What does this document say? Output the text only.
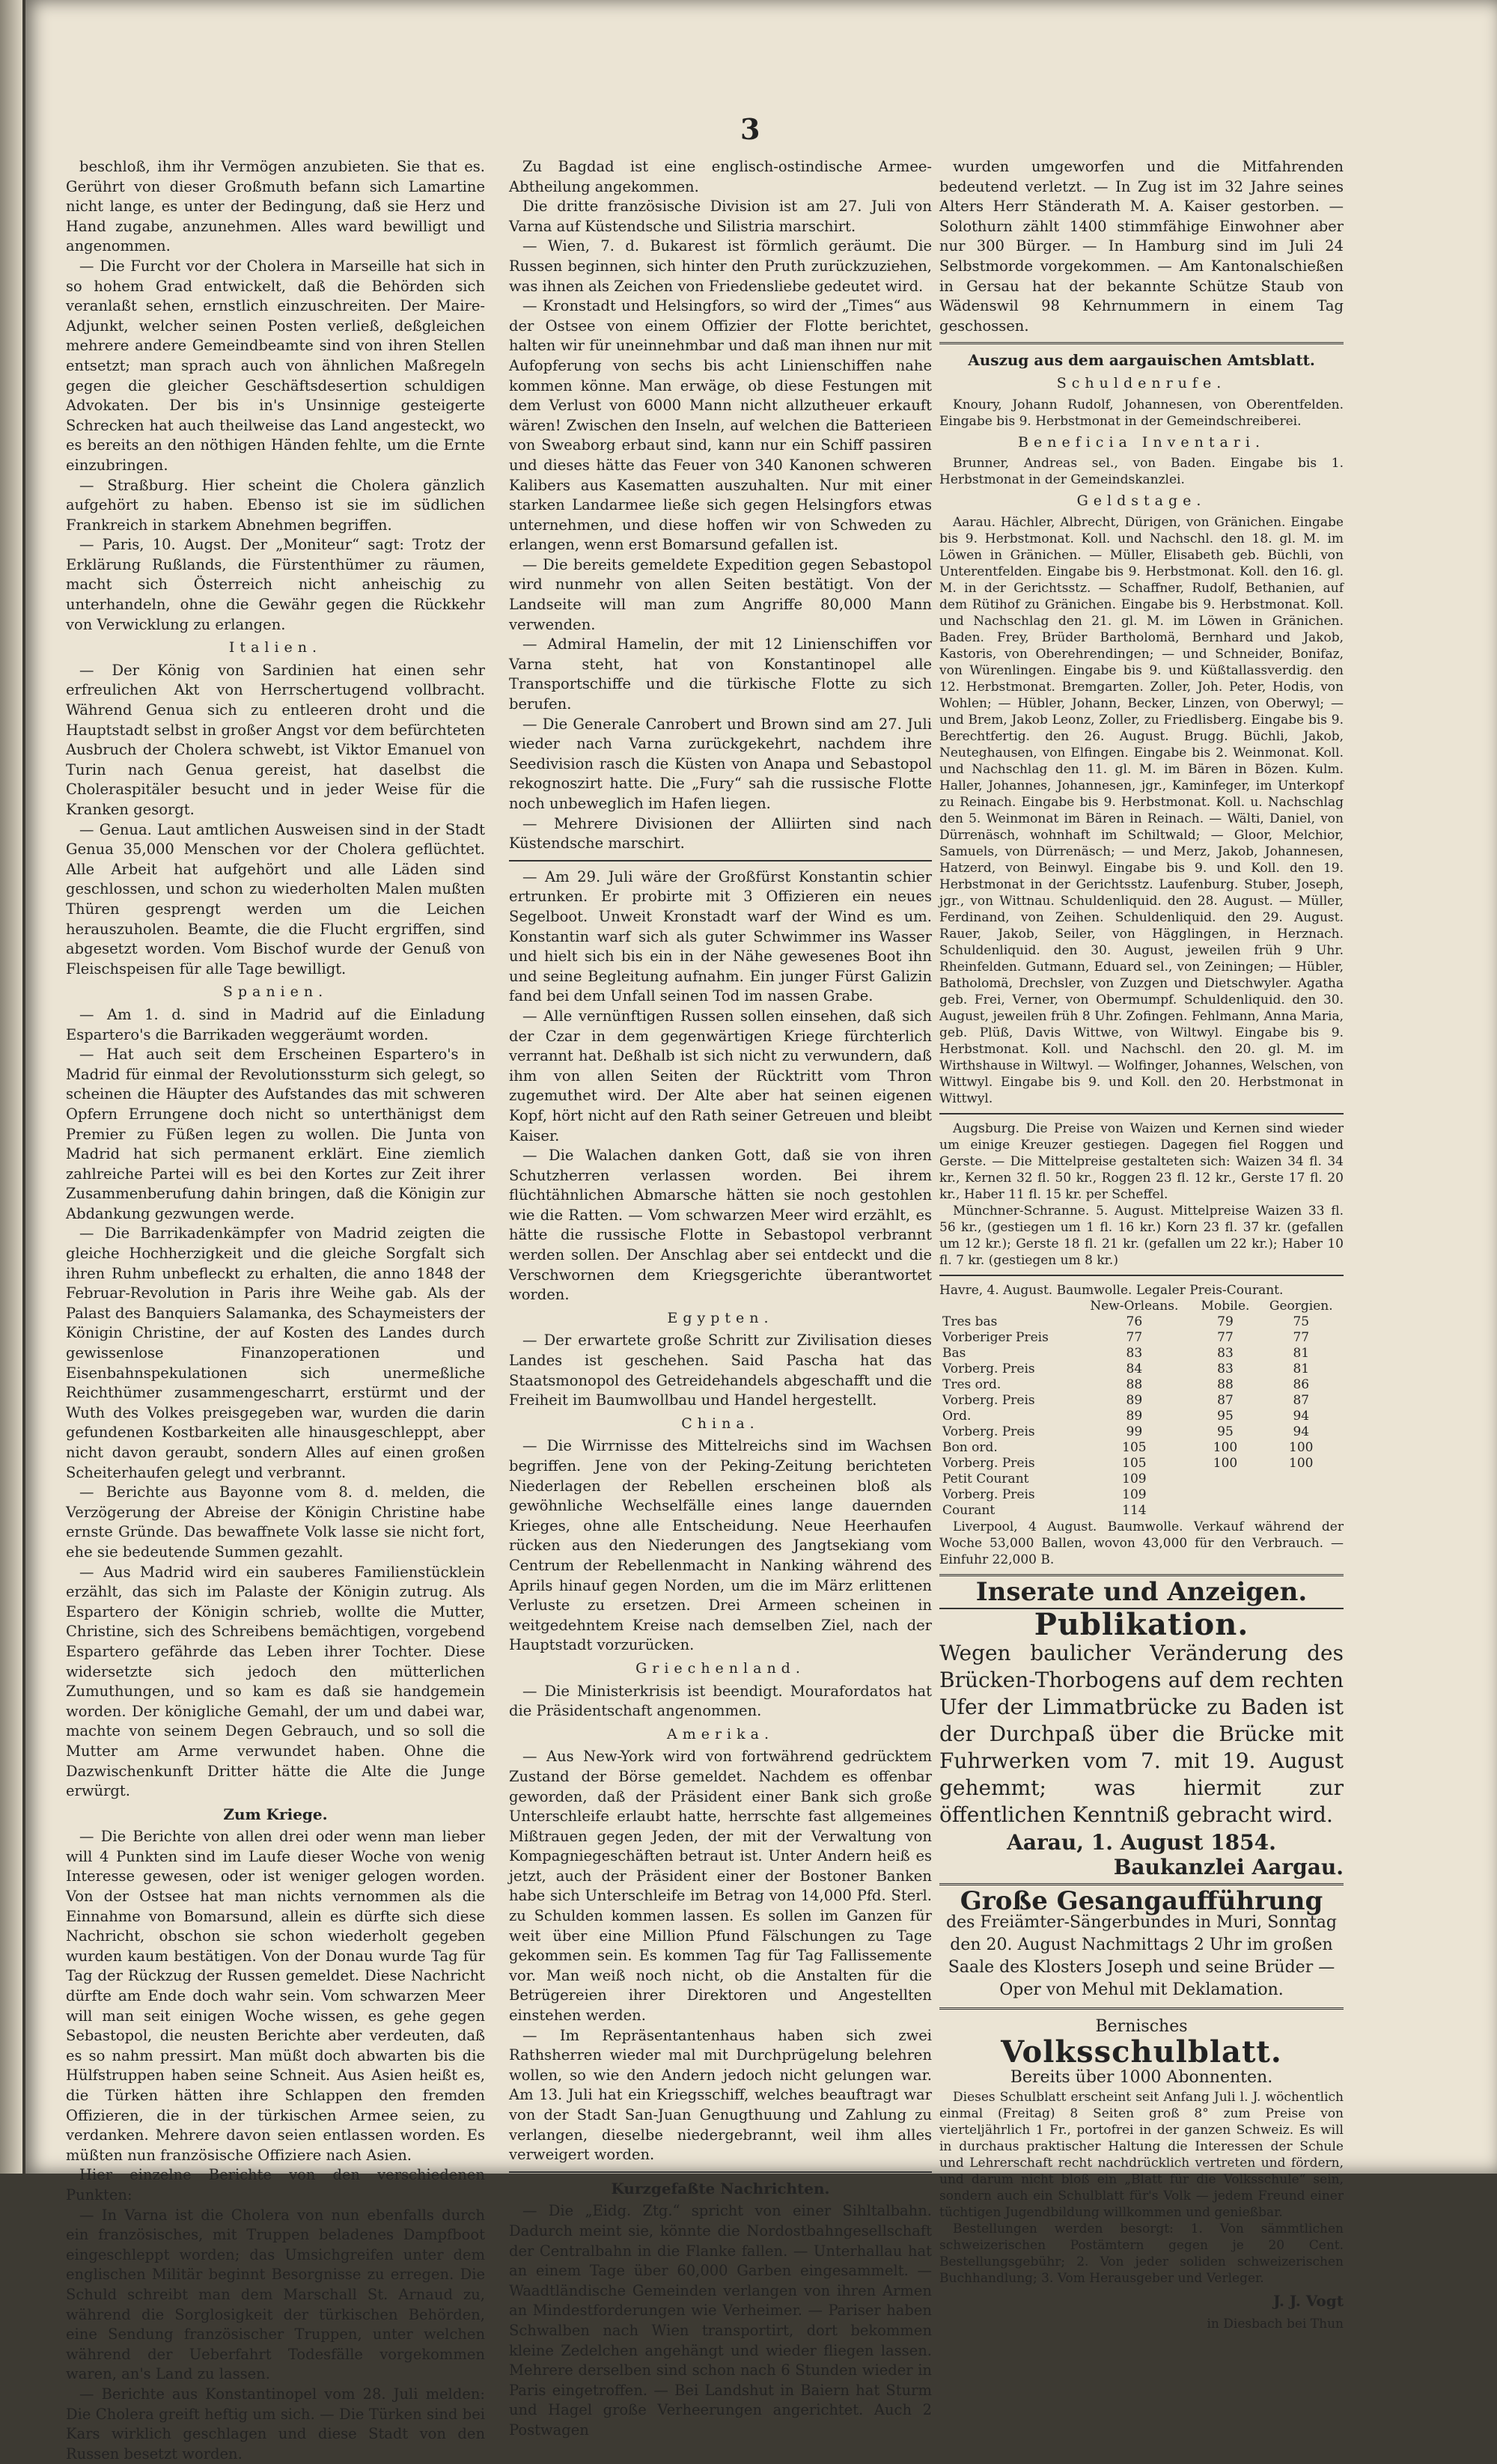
3

beschloß, ihm ihr Vermögen anzubieten. Sie that es. Gerührt von dieser Großmuth befann sich Lamartine nicht lange, es unter der Bedingung, daß sie Herz und Hand zugabe, anzunehmen. Alles ward bewilligt und angenommen.

— Die Furcht vor der Cholera in Marseille hat sich in so hohem Grad entwickelt, daß die Behörden sich veranlaßt sehen, ernstlich einzuschreiten. Der Maire-Adjunkt, welcher seinen Posten verließ, deßgleichen mehrere andere Gemeindbeamte sind von ihren Stellen entsetzt; man sprach auch von ähnlichen Maßregeln gegen die gleicher Geschäftsdesertion schuldigen Advokaten. Der bis in's Unsinnige gesteigerte Schrecken hat auch theilweise das Land angesteckt, wo es bereits an den nöthigen Händen fehlte, um die Ernte einzubringen.

— Straßburg. Hier scheint die Cholera gänzlich aufgehört zu haben. Ebenso ist sie im südlichen Frankreich in starkem Abnehmen begriffen.

— Paris, 10. Augst. Der „Moniteur“ sagt: Trotz der Erklärung Rußlands, die Fürstenthümer zu räumen, macht sich Österreich nicht anheischig zu unterhandeln, ohne die Gewähr gegen die Rückkehr von Verwicklung zu erlangen.

Italien.

— Der König von Sardinien hat einen sehr erfreulichen Akt von Herrschertugend vollbracht. Während Genua sich zu entleeren droht und die Hauptstadt selbst in großer Angst vor dem befürchteten Ausbruch der Cholera schwebt, ist Viktor Emanuel von Turin nach Genua gereist, hat daselbst die Choleraspitäler besucht und in jeder Weise für die Kranken gesorgt.

— Genua. Laut amtlichen Ausweisen sind in der Stadt Genua 35,000 Menschen vor der Cholera geflüchtet. Alle Arbeit hat aufgehört und alle Läden sind geschlossen, und schon zu wiederholten Malen mußten Thüren gesprengt werden um die Leichen herauszuholen. Beamte, die die Flucht ergriffen, sind abgesetzt worden. Vom Bischof wurde der Genuß von Fleischspeisen für alle Tage bewilligt.

Spanien.

— Am 1. d. sind in Madrid auf die Einladung Espartero's die Barrikaden weggeräumt worden.

— Hat auch seit dem Erscheinen Espartero's in Madrid für einmal der Revolutionssturm sich gelegt, so scheinen die Häupter des Aufstandes das mit schweren Opfern Errungene doch nicht so unterthänigst dem Premier zu Füßen legen zu wollen. Die Junta von Madrid hat sich permanent erklärt. Eine ziemlich zahlreiche Partei will es bei den Kortes zur Zeit ihrer Zusammenberufung dahin bringen, daß die Königin zur Abdankung gezwungen werde.

— Die Barrikadenkämpfer von Madrid zeigten die gleiche Hochherzigkeit und die gleiche Sorgfalt sich ihren Ruhm unbefleckt zu erhalten, die anno 1848 der Februar-Revolution in Paris ihre Weihe gab. Als der Palast des Banquiers Salamanka, des Schaymeisters der Königin Christine, der auf Kosten des Landes durch gewissenlose Finanzoperationen und Eisenbahnspekulationen sich unermeßliche Reichthümer zusammengescharrt, erstürmt und der Wuth des Volkes preisgegeben war, wurden die darin gefundenen Kostbarkeiten alle hinausgeschleppt, aber nicht davon geraubt, sondern Alles auf einen großen Scheiterhaufen gelegt und verbrannt.

— Berichte aus Bayonne vom 8. d. melden, die Verzögerung der Abreise der Königin Christine habe ernste Gründe. Das bewaffnete Volk lasse sie nicht fort, ehe sie bedeutende Summen gezahlt.

— Aus Madrid wird ein sauberes Familienstücklein erzählt, das sich im Palaste der Königin zutrug. Als Espartero der Königin schrieb, wollte die Mutter, Christine, sich des Schreibens bemächtigen, vorgebend Espartero gefährde das Leben ihrer Tochter. Diese widersetzte sich jedoch den mütterlichen Zumuthungen, und so kam es daß sie handgemein worden. Der königliche Gemahl, der um und dabei war, machte von seinem Degen Gebrauch, und so soll die Mutter am Arme verwundet haben. Ohne die Dazwischenkunft Dritter hätte die Alte die Junge erwürgt.

Zum Kriege.

— Die Berichte von allen drei oder wenn man lieber will 4 Punkten sind im Laufe dieser Woche von wenig Interesse gewesen, oder ist weniger gelogen worden. Von der Ostsee hat man nichts vernommen als die Einnahme von Bomarsund, allein es dürfte sich diese Nachricht, obschon sie schon wiederholt gegeben wurden kaum bestätigen. Von der Donau wurde Tag für Tag der Rückzug der Russen gemeldet. Diese Nachricht dürfte am Ende doch wahr sein. Vom schwarzen Meer will man seit einigen Woche wissen, es gehe gegen Sebastopol, die neusten Berichte aber verdeuten, daß es so nahm pressirt. Man müßt doch abwarten bis die Hülfstruppen haben seine Schneit. Aus Asien heißt es, die Türken hätten ihre Schlappen den fremden Offizieren, die in der türkischen Armee seien, zu verdanken. Mehrere davon seien entlassen worden. Es müßten nun französische Offiziere nach Asien.

Hier einzelne Berichte von den verschiedenen Punkten:

— In Varna ist die Cholera von nun ebenfalls durch ein französisches, mit Truppen beladenes Dampfboot eingeschleppt worden; das Umsichgreifen unter dem englischen Militär beginnt Besorgnisse zu erregen. Die Schuld schreibt man dem Marschall St. Arnaud zu, während die Sorglosigkeit der türkischen Behörden, eine Sendung französischer Truppen, unter welchen während der Ueberfahrt Todesfälle vorgekommen waren, an's Land zu lassen.

— Berichte aus Konstantinopel vom 28. Juli melden: Die Cholera greift heftig um sich. — Die Türken sind bei Kars wirklich geschlagen und diese Stadt von den Russen besetzt worden.

Zu Bagdad ist eine englisch-ostindische Armee-Abtheilung angekommen.

Die dritte französische Division ist am 27. Juli von Varna auf Küstendsche und Silistria marschirt.

— Wien, 7. d. Bukarest ist förmlich geräumt. Die Russen beginnen, sich hinter den Pruth zurückzuziehen, was ihnen als Zeichen von Friedensliebe gedeutet wird.

— Kronstadt und Helsingfors, so wird der „Times“ aus der Ostsee von einem Offizier der Flotte berichtet, halten wir für uneinnehmbar und daß man ihnen nur mit Aufopferung von sechs bis acht Linienschiffen nahe kommen könne. Man erwäge, ob diese Festungen mit dem Verlust von 6000 Mann nicht allzutheuer erkauft wären! Zwischen den Inseln, auf welchen die Batterieen von Sweaborg erbaut sind, kann nur ein Schiff passiren und dieses hätte das Feuer von 340 Kanonen schweren Kalibers aus Kasematten auszuhalten. Nur mit einer starken Landarmee ließe sich gegen Helsingfors etwas unternehmen, und diese hoffen wir von Schweden zu erlangen, wenn erst Bomarsund gefallen ist.

— Die bereits gemeldete Expedition gegen Sebastopol wird nunmehr von allen Seiten bestätigt. Von der Landseite will man zum Angriffe 80,000 Mann verwenden.

— Admiral Hamelin, der mit 12 Linienschiffen vor Varna steht, hat von Konstantinopel alle Transportschiffe und die türkische Flotte zu sich berufen.

— Die Generale Canrobert und Brown sind am 27. Juli wieder nach Varna zurückgekehrt, nachdem ihre Seedivision rasch die Küsten von Anapa und Sebastopol rekognoszirt hatte. Die „Fury“ sah die russische Flotte noch unbeweglich im Hafen liegen.

— Mehrere Divisionen der Alliirten sind nach Küstendsche marschirt.

— Am 29. Juli wäre der Großfürst Konstantin schier ertrunken. Er probirte mit 3 Offizieren ein neues Segelboot. Unweit Kronstadt warf der Wind es um. Konstantin warf sich als guter Schwimmer ins Wasser und hielt sich bis ein in der Nähe gewesenes Boot ihn und seine Begleitung aufnahm. Ein junger Fürst Galizin fand bei dem Unfall seinen Tod im nassen Grabe.

— Alle vernünftigen Russen sollen einsehen, daß sich der Czar in dem gegenwärtigen Kriege fürchterlich verrannt hat. Deßhalb ist sich nicht zu verwundern, daß ihm von allen Seiten der Rücktritt vom Thron zugemuthet wird. Der Alte aber hat seinen eigenen Kopf, hört nicht auf den Rath seiner Getreuen und bleibt Kaiser.

— Die Walachen danken Gott, daß sie von ihren Schutzherren verlassen worden. Bei ihrem flüchtähnlichen Abmarsche hätten sie noch gestohlen wie die Ratten. — Vom schwarzen Meer wird erzählt, es hätte die russische Flotte in Sebastopol verbrannt werden sollen. Der Anschlag aber sei entdeckt und die Verschwornen dem Kriegsgerichte überantwortet worden.

Egypten.

— Der erwartete große Schritt zur Zivilisation dieses Landes ist geschehen. Said Pascha hat das Staatsmonopol des Getreidehandels abgeschafft und die Freiheit im Baumwollbau und Handel hergestellt.

China.

— Die Wirrnisse des Mittelreichs sind im Wachsen begriffen. Jene von der Peking-Zeitung berichteten Niederlagen der Rebellen erscheinen bloß als gewöhnliche Wechselfälle eines lange dauernden Krieges, ohne alle Entscheidung. Neue Heerhaufen rücken aus den Niederungen des Jangtsekiang vom Centrum der Rebellenmacht in Nanking während des Aprils hinauf gegen Norden, um die im März erlittenen Verluste zu ersetzen. Drei Armeen scheinen in weitgedehntem Kreise nach demselben Ziel, nach der Hauptstadt vorzurücken.

Griechenland.

— Die Ministerkrisis ist beendigt. Mourafordatos hat die Präsidentschaft angenommen.

Amerika.

— Aus New-York wird von fortwährend gedrücktem Zustand der Börse gemeldet. Nachdem es offenbar geworden, daß der Präsident einer Bank sich große Unterschleife erlaubt hatte, herrschte fast allgemeines Mißtrauen gegen Jeden, der mit der Verwaltung von Kompagniegeschäften betraut ist. Unter Andern heiß es jetzt, auch der Präsident einer der Bostoner Banken habe sich Unterschleife im Betrag von 14,000 Pfd. Sterl. zu Schulden kommen lassen. Es sollen im Ganzen für weit über eine Million Pfund Fälschungen zu Tage gekommen sein. Es kommen Tag für Tag Fallissemente vor. Man weiß noch nicht, ob die Anstalten für die Betrügereien ihrer Direktoren und Angestellten einstehen werden.

— Im Repräsentantenhaus haben sich zwei Rathsherren wieder mal mit Durchprügelung belehren wollen, so wie den Andern jedoch nicht gelungen war. Am 13. Juli hat ein Kriegsschiff, welches beauftragt war von der Stadt San-Juan Genugthuung und Zahlung zu verlangen, dieselbe niedergebrannt, weil ihm alles verweigert worden.

Kurzgefaßte Nachrichten.

— Die „Eidg. Ztg.“ spricht von einer Sihltalbahn. Dadurch meint sie, könnte die Nordostbahngesellschaft der Centralbahn in die Flanke fallen. — Unterhallau hat an einem Tage über 60,000 Garben eingesammelt. — Waadtländische Gemeinden verlangen von ihren Armen an Mindestforderungen wie Verheimer. — Pariser haben Schwalben nach Wien transportirt, dort bekommen kleine Zedelchen angehängt und wieder fliegen lassen. Mehrere derselben sind schon nach 6 Stunden wieder in Paris eingetroffen. — Bei Landshut in Baiern hat Sturm und Hagel große Verheerungen angerichtet. Auch 2 Postwagen

wurden umgeworfen und die Mitfahrenden bedeutend verletzt. — In Zug ist im 32 Jahre seines Alters Herr Ständerath M. A. Kaiser gestorben. — Solothurn zählt 1400 stimmfähige Einwohner aber nur 300 Bürger. — In Hamburg sind im Juli 24 Selbstmorde vorgekommen. — Am Kantonalschießen in Gersau hat der bekannte Schütze Staub von Wädenswil 98 Kehrnummern in einem Tag geschossen.

Auszug aus dem aargauischen Amtsblatt.
Schuldenrufe.

Knoury, Johann Rudolf, Johannesen, von Oberentfelden. Eingabe bis 9. Herbstmonat in der Gemeindschreiberei.

Beneficia Inventari.

Brunner, Andreas sel., von Baden. Eingabe bis 1. Herbstmonat in der Gemeindskanzlei.

Geldstage.

Aarau. Hächler, Albrecht, Dürigen, von Gränichen. Eingabe bis 9. Herbstmonat. Koll. und Nachschl. den 18. gl. M. im Löwen in Gränichen. — Müller, Elisabeth geb. Büchli, von Unterentfelden. Eingabe bis 9. Herbstmonat. Koll. den 16. gl. M. in der Gerichtsstz. — Schaffner, Rudolf, Bethanien, auf dem Rütihof zu Gränichen. Eingabe bis 9. Herbstmonat. Koll. und Nachschlag den 21. gl. M. im Löwen in Gränichen. Baden. Frey, Brüder Bartholomä, Bernhard und Jakob, Kastoris, von Oberehrendingen; — und Schneider, Bonifaz, von Würenlingen. Eingabe bis 9. und Küßtallassverdig. den 12. Herbstmonat. Bremgarten. Zoller, Joh. Peter, Hodis, von Wohlen; — Hübler, Johann, Becker, Linzen, von Oberwyl; — und Brem, Jakob Leonz, Zoller, zu Friedlisberg. Eingabe bis 9. Berechtfertig. den 26. August. Brugg. Büchli, Jakob, Neuteghausen, von Elfingen. Eingabe bis 2. Weinmonat. Koll. und Nachschlag den 11. gl. M. im Bären in Bözen. Kulm. Haller, Johannes, Johannesen, jgr., Kaminfeger, im Unterkopf zu Reinach. Eingabe bis 9. Herbstmonat. Koll. u. Nachschlag den 5. Weinmonat im Bären in Reinach. — Wälti, Daniel, von Dürrenäsch, wohnhaft im Schiltwald; — Gloor, Melchior, Samuels, von Dürrenäsch; — und Merz, Jakob, Johannesen, Hatzerd, von Beinwyl. Eingabe bis 9. und Koll. den 19. Herbstmonat in der Gerichtsstz. Laufenburg. Stuber, Joseph, jgr., von Wittnau. Schuldenliquid. den 28. August. — Müller, Ferdinand, von Zeihen. Schuldenliquid. den 29. August. Rauer, Jakob, Seiler, von Hägglingen, in Herznach. Schuldenliquid. den 30. August, jeweilen früh 9 Uhr. Rheinfelden. Gutmann, Eduard sel., von Zeiningen; — Hübler, Batholomä, Drechsler, von Zuzgen und Dietschwyler. Agatha geb. Frei, Verner, von Obermumpf. Schuldenliquid. den 30. August, jeweilen früh 8 Uhr. Zofingen. Fehlmann, Anna Maria, geb. Plüß, Davis Wittwe, von Wiltwyl. Eingabe bis 9. Herbstmonat. Koll. und Nachschl. den 20. gl. M. im Wirthshause in Wiltwyl. — Wolfinger, Johannes, Welschen, von Wittwyl. Eingabe bis 9. und Koll. den 20. Herbstmonat in Wittwyl.

Augsburg. Die Preise von Waizen und Kernen sind wieder um einige Kreuzer gestiegen. Dagegen fiel Roggen und Gerste. — Die Mittelpreise gestalteten sich: Waizen 34 fl. 34 kr., Kernen 32 fl. 50 kr., Roggen 23 fl. 12 kr., Gerste 17 fl. 20 kr., Haber 11 fl. 15 kr. per Scheffel.

Münchner-Schranne. 5. August. Mittelpreise Waizen 33 fl. 56 kr., (gestiegen um 1 fl. 16 kr.) Korn 23 fl. 37 kr. (gefallen um 12 kr.); Gerste 18 fl. 21 kr. (gefallen um 22 kr.); Haber 10 fl. 7 kr. (gestiegen um 8 kr.)

Havre, 4. August. Baumwolle. Legaler Preis-Courant.
	New-Orleans.	Mobile.	Georgien.
Tres bas	76	79	75
Vorberiger Preis	77	77	77
Bas	83	83	81
Vorberg. Preis	84	83	81
Tres ord.	88	88	86
Vorberg. Preis	89	87	87
Ord.	89	95	94
Vorberg. Preis	99	95	94
Bon ord.	105	100	100
Vorberg. Preis	105	100	100
Petit Courant	109		
Vorberg. Preis	109		
Courant	114		

Liverpool, 4 August. Baumwolle. Verkauf während der Woche 53,000 Ballen, wovon 43,000 für den Verbrauch. — Einfuhr 22,000 B.

Inserate und Anzeigen.
Publikation.
Wegen baulicher Veränderung des Brücken-Thorbogens auf dem rechten Ufer der Limmatbrücke zu Baden ist der Durchpaß über die Brücke mit Fuhrwerken vom 7. mit 19. August gehemmt; was hiermit zur öffentlichen Kenntniß gebracht wird.
Aarau, 1. August 1854.
Baukanzlei Aargau.
Große Gesangaufführung
des Freiämter-Sängerbundes in Muri, Sonntag den 20. August Nachmittags 2 Uhr im großen Saale des Klosters Joseph und seine Brüder — Oper von Mehul mit Deklamation.
Bernisches
Volksschulblatt.
Bereits über 1000 Abonnenten.

Dieses Schulblatt erscheint seit Anfang Juli l. J. wöchentlich einmal (Freitag) 8 Seiten groß 8° zum Preise von vierteljährlich 1 Fr., portofrei in der ganzen Schweiz. Es will in durchaus praktischer Haltung die Interessen der Schule und Lehrerschaft recht nachdrücklich vertreten und fördern, und darum nicht bloß ein „Blatt für die Volksschule“ sein, sondern auch ein Schulblatt für's Volk — jedem Freund einer tüchtigen Jugendbildung willkommen und genießbar.

Bestellungen werden besorgt: 1. Von sämmtlichen schweizerischen Postämtern gegen je 20 Cent. Bestellungsgebühr; 2. Von jeder soliden schweizerischen Buchhandlung; 3. Vom Herausgeber und Verleger.

J. J. Vogt
in Diesbach bei Thun
